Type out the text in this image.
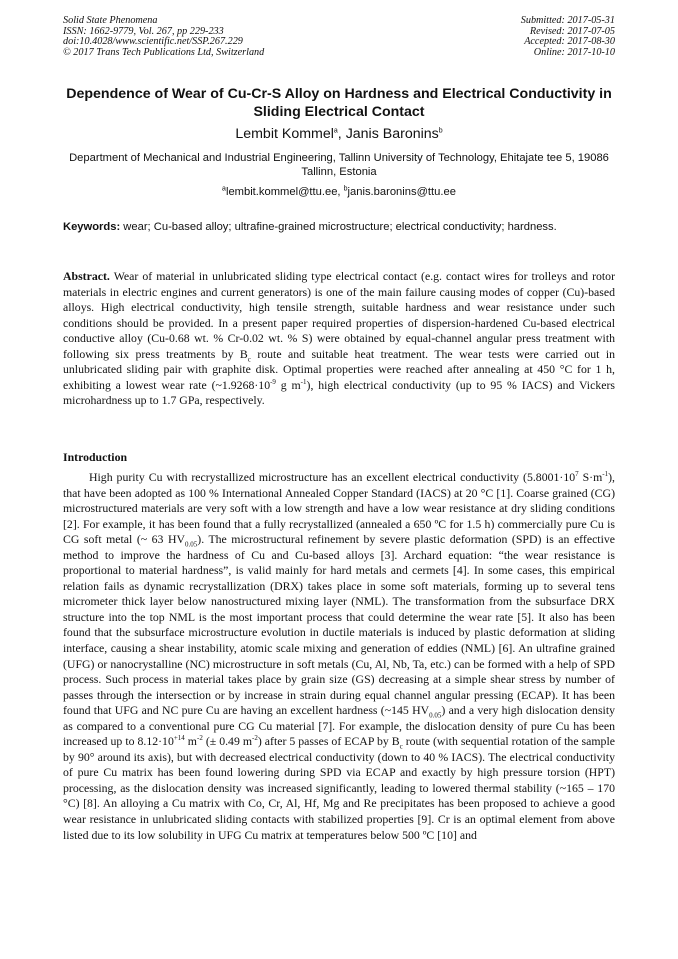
Solid State Phenomena
ISSN: 1662-9779, Vol. 267, pp 229-233
doi:10.4028/www.scientific.net/SSP.267.229
© 2017 Trans Tech Publications Ltd, Switzerland
Submitted: 2017-05-31
Revised: 2017-07-05
Accepted: 2017-08-30
Online: 2017-10-10
Dependence of Wear of Cu-Cr-S Alloy on Hardness and Electrical Conductivity in Sliding Electrical Contact
Lembit Kommel$^a$, Janis Baronins$^b$
Department of Mechanical and Industrial Engineering, Tallinn University of Technology, Ehitajate tee 5, 19086 Tallinn, Estonia
$^a$lembit.kommel@ttu.ee, $^b$janis.baronins@ttu.ee
Keywords: wear; Cu-based alloy; ultrafine-grained microstructure; electrical conductivity; hardness.
Abstract. Wear of material in unlubricated sliding type electrical contact (e.g. contact wires for trolleys and rotor materials in electric engines and current generators) is one of the main failure causing modes of copper (Cu)-based alloys. High electrical conductivity, high tensile strength, suitable hardness and wear resistance under such conditions should be provided. In a present paper required properties of dispersion-hardened Cu-based electrical conductive alloy (Cu-0.68 wt. % Cr-0.02 wt. % S) were obtained by equal-channel angular press treatment with following six press treatments by $B_c$ route and suitable heat treatment. The wear tests were carried out in unlubricated sliding pair with graphite disk. Optimal properties were reached after annealing at 450 °C for 1 h, exhibiting a lowest wear rate ($\sim 1.9268\cdot 10^{-9}$ g $m^{-1}$), high electrical conductivity (up to 95 % IACS) and Vickers microhardness up to 1.7 GPa, respectively.
Introduction
High purity Cu with recrystallized microstructure has an excellent electrical conductivity ($5.8001\cdot 10^7$ $S\cdot m^{-1}$), that have been adopted as 100 % International Annealed Copper Standard (IACS) at 20 °C [1]. Coarse grained (CG) microstructured materials are very soft with a low strength and have a low wear resistance at dry sliding conditions [2]. For example, it has been found that a fully recrystallized (annealed a 650 ºC for 1.5 h) commercially pure Cu is CG soft metal (~ 63 $HV_{0.05}$). The microstructural refinement by severe plastic deformation (SPD) is an effective method to improve the hardness of Cu and Cu-based alloys [3]. Archard equation: “the wear resistance is proportional to material hardness”, is valid mainly for hard metals and cermets [4]. In some cases, this empirical relation fails as dynamic recrystallization (DRX) takes place in some soft materials, forming up to several tens micrometer thick layer below nanostructured mixing layer (NML). The transformation from the subsurface DRX structure into the top NML is the most important process that could determine the wear rate [5]. It also has been found that the subsurface microstructure evolution in ductile materials is induced by plastic deformation at sliding interface, causing a shear instability, atomic scale mixing and generation of eddies (NML) [6]. An ultrafine grained (UFG) or nanocrystalline (NC) microstructure in soft metals (Cu, Al, Nb, Ta, etc.) can be formed with a help of SPD process. Such process in material takes place by grain size (GS) decreasing at a simple shear stress by number of passes through the intersection or by increase in strain during equal channel angular pressing (ECAP). It has been found that UFG and NC pure Cu are having an excellent hardness (~145 $HV_{0.05}$) and a very high dislocation density as compared to a conventional pure CG Cu material [7]. For example, the dislocation density of pure Cu has been increased up to $8.12\cdot 10^{+14}$ $m^{-2}$ (± 0.49 $m^{-2}$) after 5 passes of ECAP by $B_c$ route (with sequential rotation of the sample by 90° around its axis), but with decreased electrical conductivity (down to 40 % IACS). The electrical conductivity of pure Cu matrix has been found lowering during SPD via ECAP and exactly by high pressure torsion (HPT) processing, as the dislocation density was increased significantly, leading to lowered thermal stability (~165 – 170 °C) [8]. An alloying a Cu matrix with Co, Cr, Al, Hf, Mg and Re precipitates has been proposed to achieve a good wear resistance in unlubricated sliding contacts with stabilized properties [9]. Cr is an optimal element from above listed due to its low solubility in UFG Cu matrix at temperatures below 500 ºC [10] and
